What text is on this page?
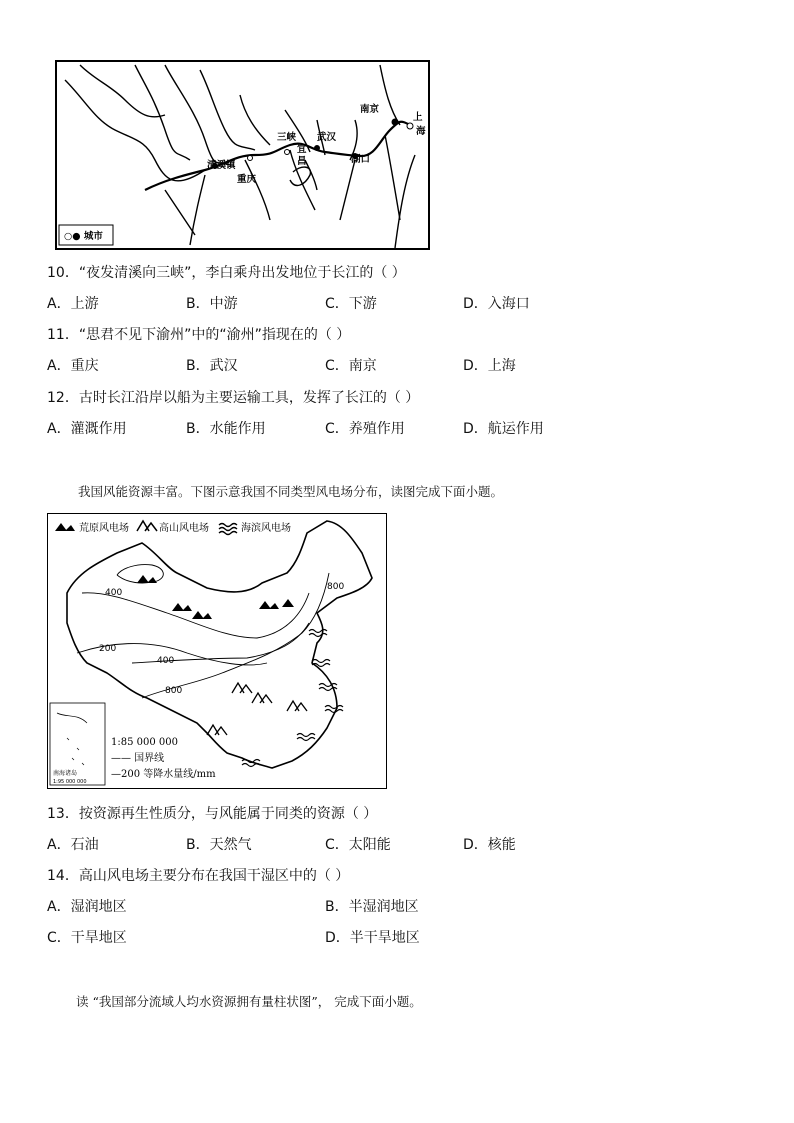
南京
上
海
三峡 武汉
宜
昌	湖口
清溪镇
重庆
○● 城市
10．“夜发清溪向三峡”，李白乘舟出发地位于长江的（ ）
A．上游	B．中游	C．下游	D．入海口
11．“思君不见下渝州”中的“渝州”指现在的（ ）
A．重庆	B．武汉	C．南京	D．上海
12．古时长江沿岸以船为主要运输工具，发挥了长江的（ ）
A．灌溉作用	B．水能作用	C．养殖作用	D．航运作用
我国风能资源丰富。下图示意我国不同类型风电场分布，读图完成下面小题。
400
200
400
800
800
荒原风电场	高山风电场	海滨风电场
南海诸岛
1:95 000 000
1:85 000 000
—— 国界线
—200 等降水量线/mm
13．按资源再生性质分，与风能属于同类的资源（ ）
A．石油	B．天然气	C．太阳能	D．核能
14．高山风电场主要分布在我国干湿区中的（ ）
A．湿润地区	B．半湿润地区
C．干旱地区	D．半干旱地区
读 “我国部分流域人均水资源拥有量柱状图”， 完成下面小题。
